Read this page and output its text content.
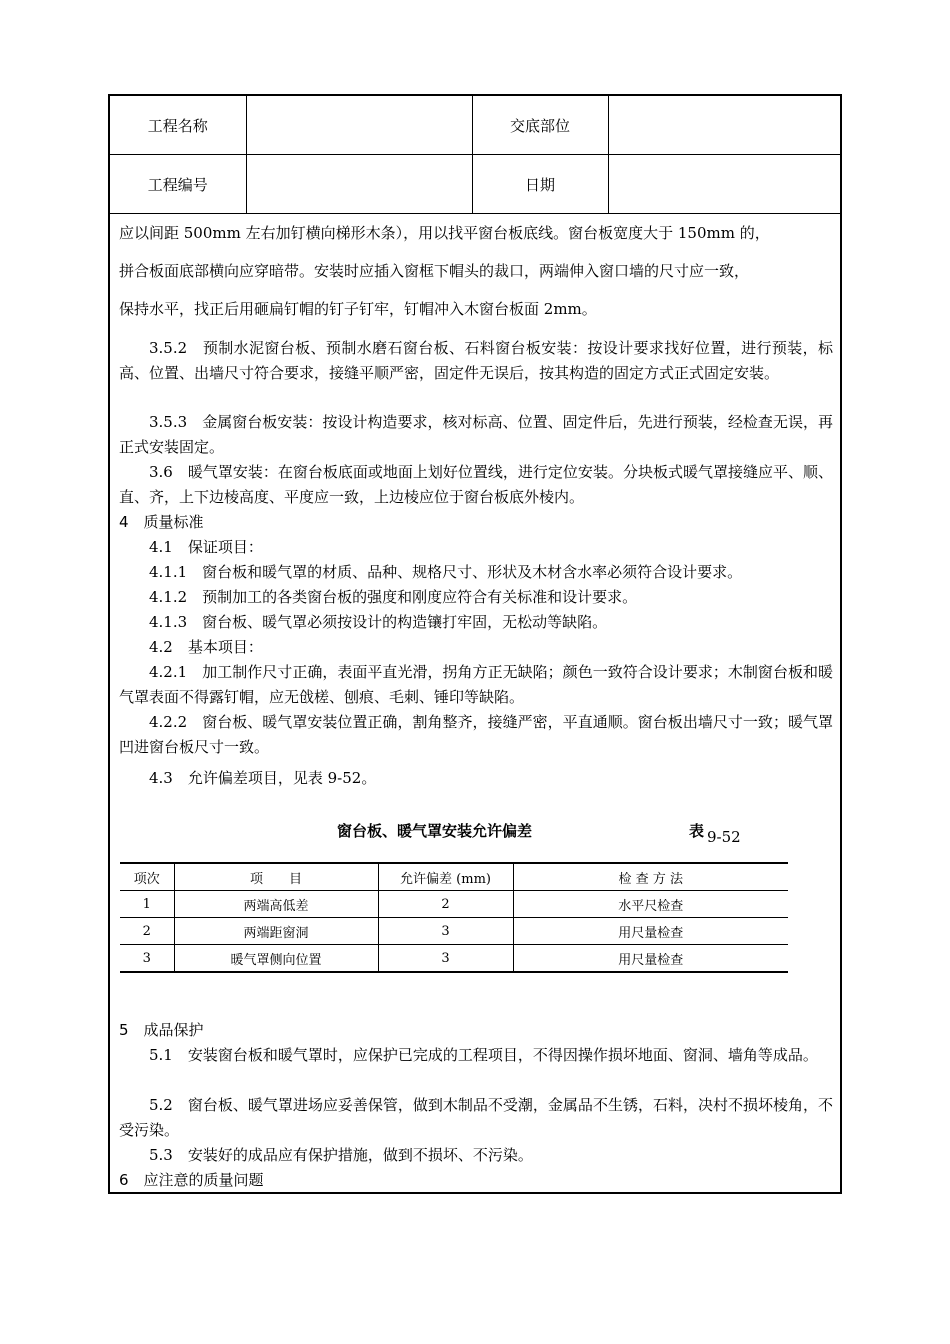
工程名称		交底部位	
工程编号		日期	
应以间距 500mm 左右加钉横向梯形木条），用以找平窗台板底线。窗台板宽度大于 150mm 的，
拼合板面底部横向应穿暗带。安装时应插入窗框下帽头的裁口，两端伸入窗口墙的尺寸应一致，
保持水平，找正后用砸扁钉帽的钉子钉牢，钉帽冲入木窗台板面 2mm。
3.5.2　预制水泥窗台板、预制水磨石窗台板、石料窗台板安装：按设计要求找好位置，进行预装，标高、位置、出墙尺寸符合要求，接缝平顺严密，固定件无误后，按其构造的固定方式正式固定安装。
3.5.3　金属窗台板安装：按设计构造要求，核对标高、位置、固定件后，先进行预装，经检查无误，再正式安装固定。
3.6　暖气罩安装：在窗台板底面或地面上划好位置线，进行定位安装。分块板式暖气罩接缝应平、顺、直、齐，上下边棱高度、平度应一致，上边棱应位于窗台板底外棱内。
4　质量标准
4.1　保证项目：
4.1.1　窗台板和暖气罩的材质、品种、规格尺寸、形状及木材含水率必须符合设计要求。
4.1.2　预制加工的各类窗台板的强度和刚度应符合有关标准和设计要求。
4.1.3　窗台板、暖气罩必须按设计的构造镶打牢固，无松动等缺陷。
4.2　基本项目：
4.2.1　加工制作尺寸正确，表面平直光滑，拐角方正无缺陷；颜色一致符合设计要求；木制窗台板和暖气罩表面不得露钉帽，应无戗槎、刨痕、毛刺、锤印等缺陷。
4.2.2　窗台板、暖气罩安装位置正确，割角整齐，接缝严密，平直通顺。窗台板出墙尺寸一致；暖气罩凹进窗台板尺寸一致。
4.3　允许偏差项目，见表 9-52。
窗台板、暖气罩安装允许偏差	表 9-52
项次	项　　目	允许偏差 (mm)	检 查 方 法
1	两端高低差	2	水平尺检查
2	两端距窗洞	3	用尺量检查
3	暖气罩侧向位置	3	用尺量检查
5　成品保护
5.1　安装窗台板和暖气罩时，应保护已完成的工程项目，不得因操作损坏地面、窗洞、墙角等成品。
5.2　窗台板、暖气罩进场应妥善保管，做到木制品不受潮，金属品不生锈，石料，决村不损坏棱角，不受污染。
5.3　安装好的成品应有保护措施，做到不损坏、不污染。
6　应注意的质量问题
